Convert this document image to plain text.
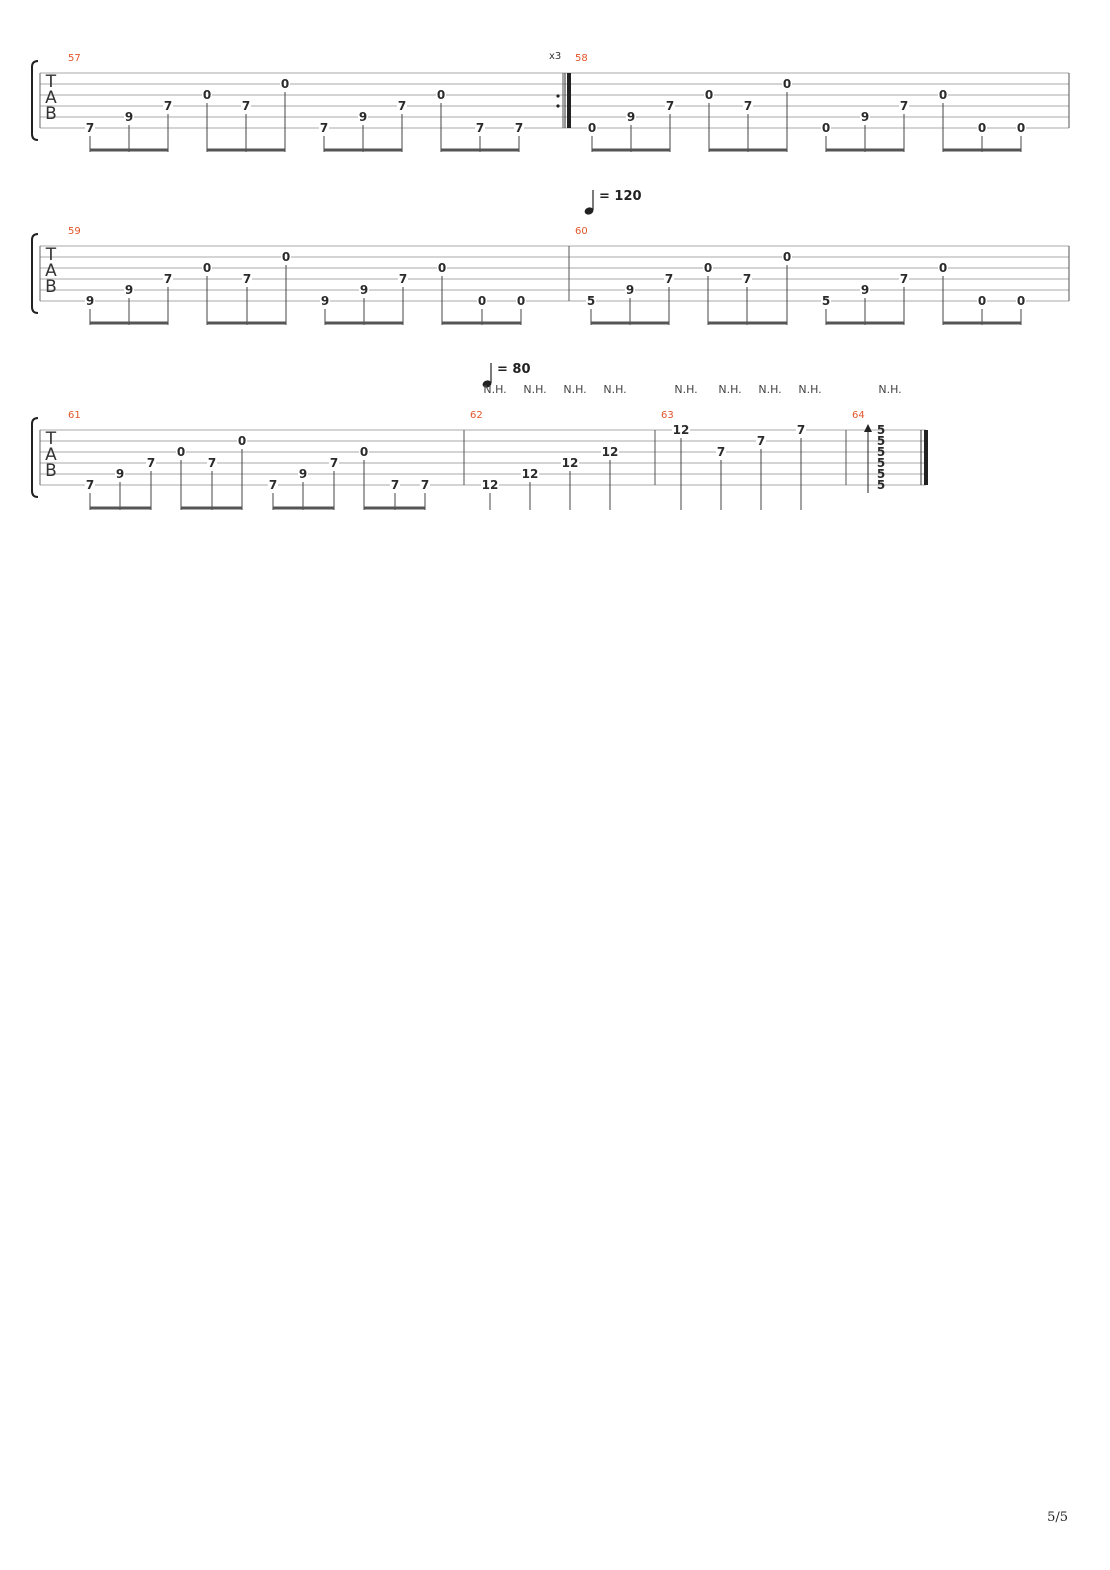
T
A
B
57
7
9
7
0
7
0
7
9
7
0
7	7
58
0
9
7
0
7
0
0
9
7
0
0	0
T
A
B
59
9
9
7
0
7
0
9
9
7
0
0	0
60
5
9
7
0
7
0
5
9
7
0
0	0
T
A
B
61
7
9
7
0
7
0
7
9
7
0
7 7
62
12
12
12
12
63
12
7
7
7
64
5
5
5
5
5
5
x3
= 120
= 80
N.H. N.H. N.H. N.H.	N.H. N.H. N.H. N.H.	N.H.
5/5
